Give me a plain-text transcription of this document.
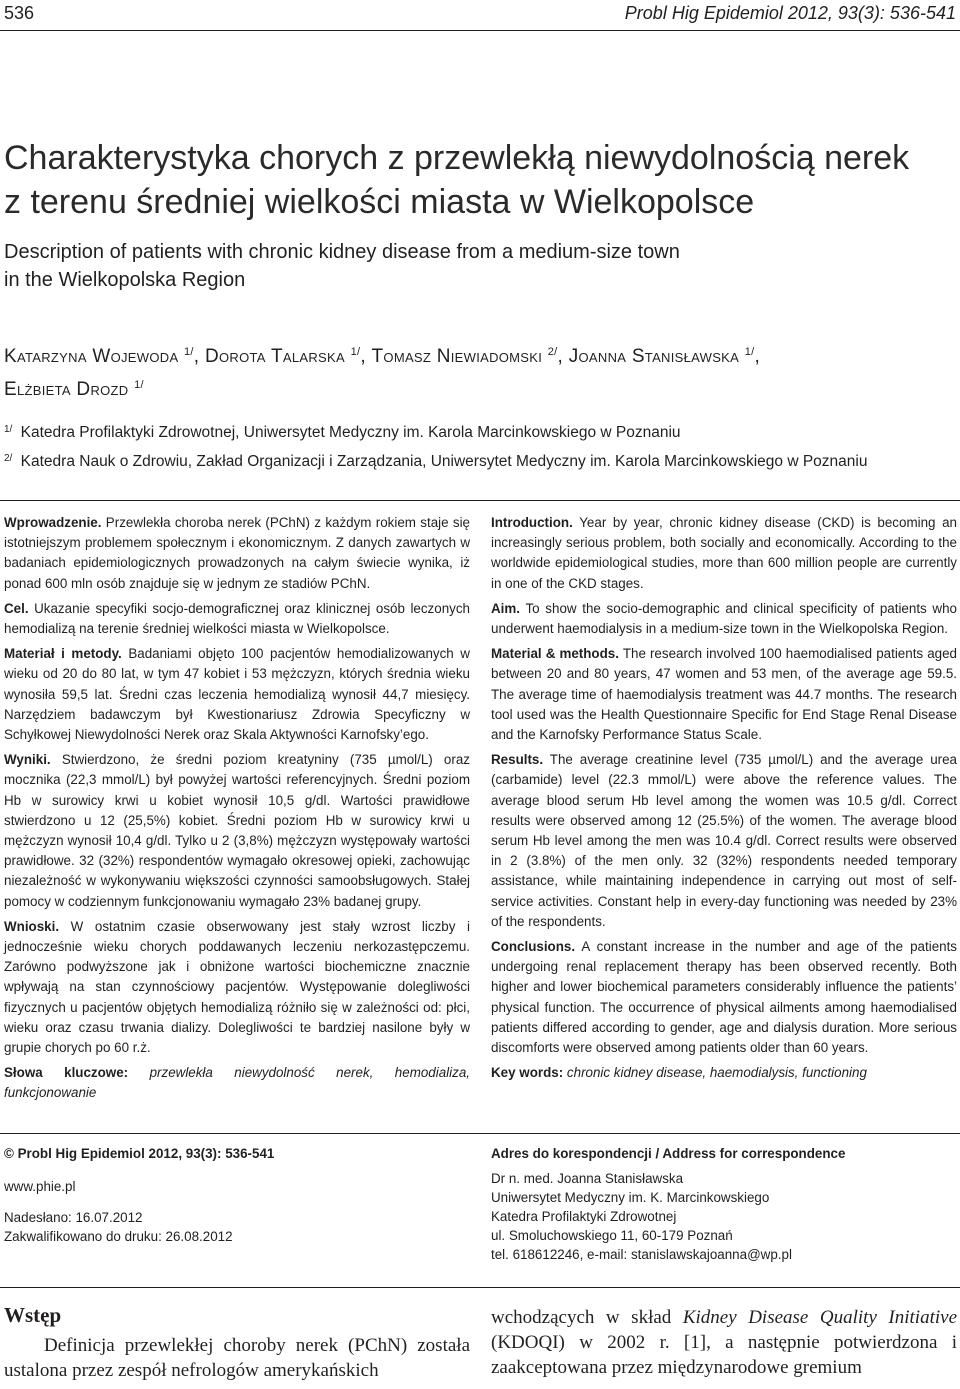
536	Probl Hig Epidemiol 2012, 93(3): 536-541
Charakterystyka chorych z przewlekłą niewydolnością nerek
z terenu średniej wielkości miasta w Wielkopolsce
Description of patients with chronic kidney disease from a medium-size town
in the Wielkopolska Region
Katarzyna Wojewoda $^{1/}$, Dorota Talarska $^{1/}$, Tomasz Niewiadomski $^{2/}$, Joanna Stanisławska $^{1/}$,
Elżbieta Drozd $^{1/}$
$^{1/}$ Katedra Profilaktyki Zdrowotnej, Uniwersytet Medyczny im. Karola Marcinkowskiego w Poznaniu
$^{2/}$ Katedra Nauk o Zdrowiu, Zakład Organizacji i Zarządzania, Uniwersytet Medyczny im. Karola Marcinkowskiego w Poznaniu

Wprowadzenie. Przewlekła choroba nerek (PChN) z każdym rokiem staje się istotniejszym problemem społecznym i ekonomicznym. Z danych zawartych w badaniach epidemiologicznych prowadzonych na całym świecie wynika, iż ponad 600 mln osób znajduje się w jednym ze stadiów PChN.

Cel. Ukazanie specyfiki socjo-demograficznej oraz klinicznej osób leczonych hemodializą na terenie średniej wielkości miasta w Wielkopolsce.

Materiał i metody. Badaniami objęto 100 pacjentów hemodializowanych w wieku od 20 do 80 lat, w tym 47 kobiet i 53 mężczyzn, których średnia wieku wynosiła 59,5 lat. Średni czas leczenia hemodializą wynosił 44,7 miesięcy. Narzędziem badawczym był Kwestionariusz Zdrowia Specyficzny w Schyłkowej Niewydolności Nerek oraz Skala Aktywności Karnofsky’ego.

Wyniki. Stwierdzono, że średni poziom kreatyniny (735 µmol/L) oraz mocznika (22,3 mmol/L) był powyżej wartości referencyjnych. Średni poziom Hb w surowicy krwi u kobiet wynosił 10,5 g/dl. Wartości prawidłowe stwierdzono u 12 (25,5%) kobiet. Średni poziom Hb w surowicy krwi u mężczyzn wynosił 10,4 g/dl. Tylko u 2 (3,8%) mężczyzn występowały wartości prawidłowe. 32 (32%) respondentów wymagało okresowej opieki, zachowując niezależność w wykonywaniu większości czynności samoobsługowych. Stałej pomocy w codziennym funkcjonowaniu wymagało 23% badanej grupy.

Wnioski. W ostatnim czasie obserwowany jest stały wzrost liczby i jednocześnie wieku chorych poddawanych leczeniu nerkozastępczemu. Zarówno podwyższone jak i obniżone wartości biochemiczne znacznie wpływają na stan czynnościowy pacjentów. Występowanie dolegliwości fizycznych u pacjentów objętych hemodializą różniło się w zależności od: płci, wieku oraz czasu trwania dializy. Dolegliwości te bardziej nasilone były w grupie chorych po 60 r.ż.

Słowa kluczowe: przewlekła niewydolność nerek, hemodializa, funkcjonowanie

Introduction. Year by year, chronic kidney disease (CKD) is becoming an increasingly serious problem, both socially and economically. According to the worldwide epidemiological studies, more than 600 million people are currently in one of the CKD stages.

Aim. To show the socio-demographic and clinical specificity of patients who underwent haemodialysis in a medium-size town in the Wielkopolska Region.

Material & methods. The research involved 100 haemodialised patients aged between 20 and 80 years, 47 women and 53 men, of the average age 59.5. The average time of haemodialysis treatment was 44.7 months. The research tool used was the Health Questionnaire Specific for End Stage Renal Disease and the Karnofsky Performance Status Scale.

Results. The average creatinine level (735 µmol/L) and the average urea (carbamide) level (22.3 mmol/L) were above the reference values. The average blood serum Hb level among the women was 10.5 g/dl. Correct results were observed among 12 (25.5%) of the women. The average blood serum Hb level among the men was 10.4 g/dl. Correct results were observed in 2 (3.8%) of the men only. 32 (32%) respondents needed temporary assistance, while maintaining independence in carrying out most of self-service activities. Constant help in every-day functioning was needed by 23% of the respondents.

Conclusions. A constant increase in the number and age of the patients undergoing renal replacement therapy has been observed recently. Both higher and lower biochemical parameters considerably influence the patients’ physical function. The occurrence of physical ailments among haemodialised patients differed according to gender, age and dialysis duration. More serious discomforts were observed among patients older than 60 years.

Key words: chronic kidney disease, haemodialysis, functioning

© Probl Hig Epidemiol 2012, 93(3): 536-541
www.phie.pl
Nadesłano: 16.07.2012
Zakwalifikowano do druku: 26.08.2012
Adres do korespondencji / Address for correspondence
Dr n. med. Joanna Stanisławska
Uniwersytet Medyczny im. K. Marcinkowskiego
Katedra Profilaktyki Zdrowotnej
ul. Smoluchowskiego 11, 60-179 Poznań
tel. 618612246, e-mail: stanislawskajoanna@wp.pl
Wstęp
Definicja przewlekłej choroby nerek (PChN) została ustalona przez zespół nefrologów amerykańskich
wchodzących w skład Kidney Disease Quality Initiative (KDOQI) w 2002 r. [1], a następnie potwierdzona i zaakceptowana przez międzynarodowe gremium
